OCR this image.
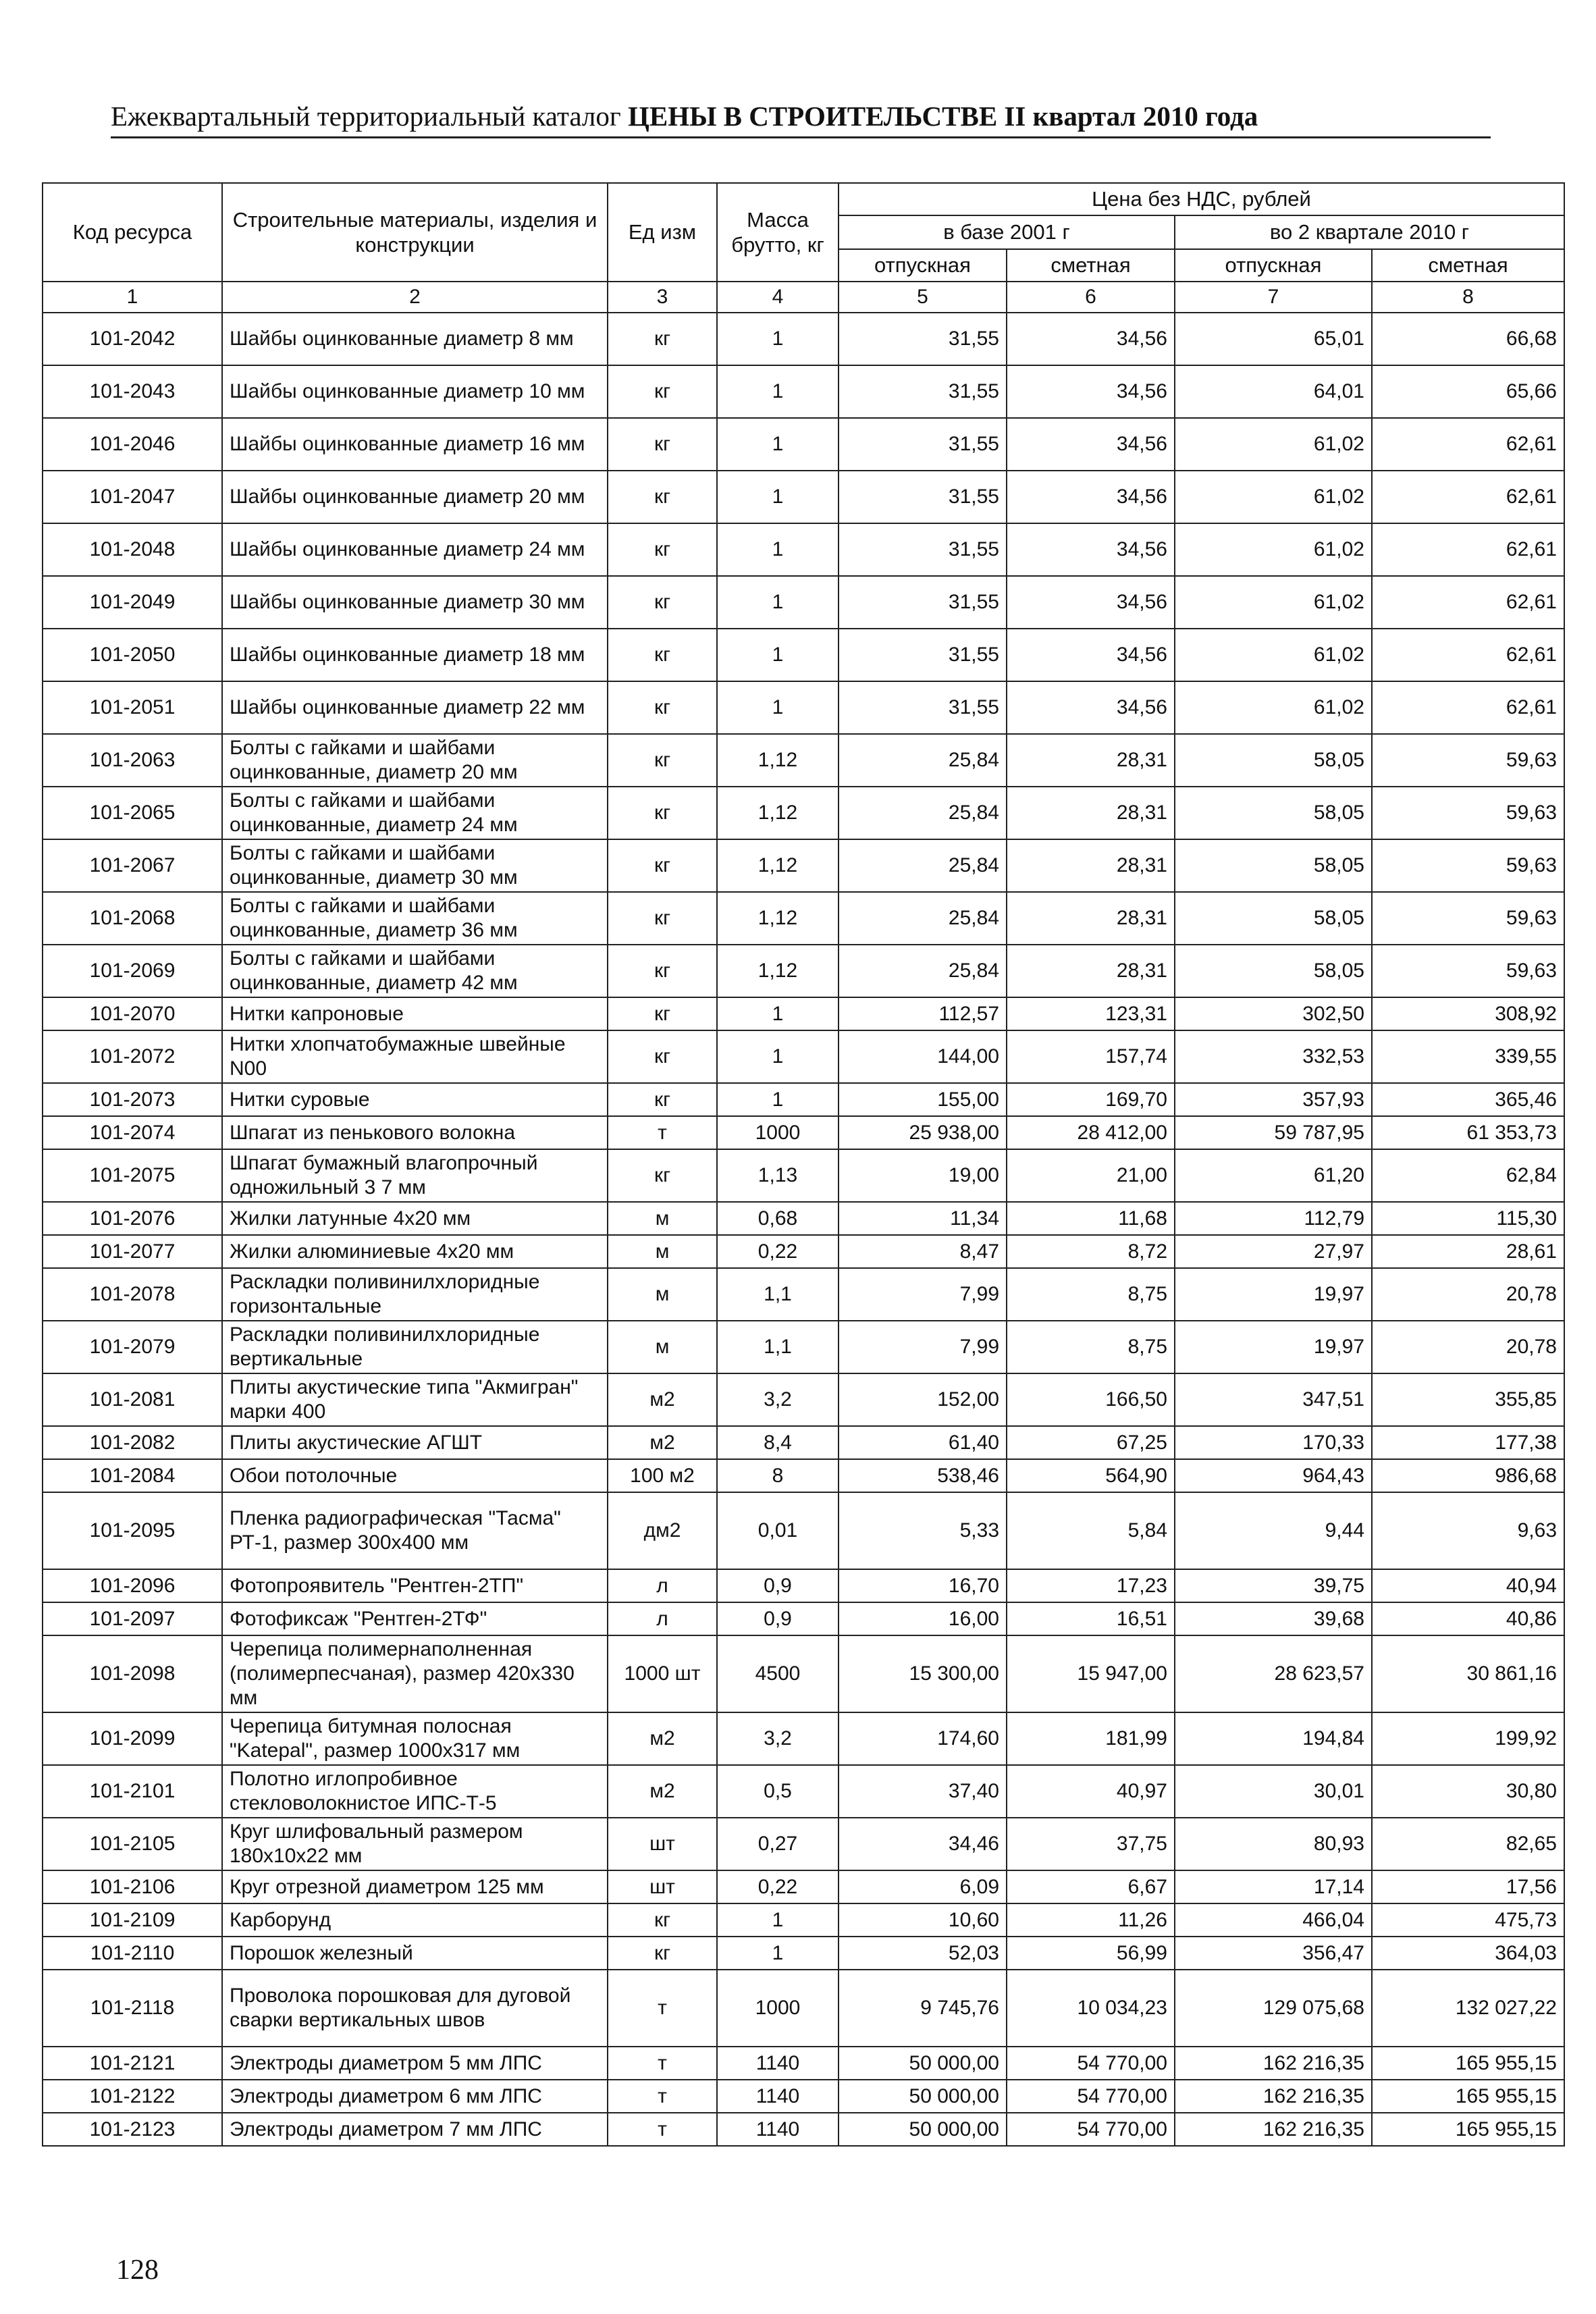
Ежеквартальный территориальный каталог ЦЕНЫ В СТРОИТЕЛЬСТВЕ II квартал 2010 года
Код ресурса	Строительные материалы, изделия и конструкции	Ед изм	Масса брутто, кг	Цена без НДС, рублей			
				в базе 2001 г		во 2 квартале 2010 г	
				отпускная	сметная	отпускная	сметная
1	2	3	4	5	6	7	8
101-2042	Шайбы оцинкованные диаметр 8 мм	кг	1	31,55	34,56	65,01	66,68
101-2043	Шайбы оцинкованные диаметр 10 мм	кг	1	31,55	34,56	64,01	65,66
101-2046	Шайбы оцинкованные диаметр 16 мм	кг	1	31,55	34,56	61,02	62,61
101-2047	Шайбы оцинкованные диаметр 20 мм	кг	1	31,55	34,56	61,02	62,61
101-2048	Шайбы оцинкованные диаметр 24 мм	кг	1	31,55	34,56	61,02	62,61
101-2049	Шайбы оцинкованные диаметр 30 мм	кг	1	31,55	34,56	61,02	62,61
101-2050	Шайбы оцинкованные диаметр 18 мм	кг	1	31,55	34,56	61,02	62,61
101-2051	Шайбы оцинкованные диаметр 22 мм	кг	1	31,55	34,56	61,02	62,61
101-2063	Болты с гайками и шайбами оцинкованные, диаметр 20 мм	кг	1,12	25,84	28,31	58,05	59,63
101-2065	Болты с гайками и шайбами оцинкованные, диаметр 24 мм	кг	1,12	25,84	28,31	58,05	59,63
101-2067	Болты с гайками и шайбами оцинкованные, диаметр 30 мм	кг	1,12	25,84	28,31	58,05	59,63
101-2068	Болты с гайками и шайбами оцинкованные, диаметр 36 мм	кг	1,12	25,84	28,31	58,05	59,63
101-2069	Болты с гайками и шайбами оцинкованные, диаметр 42 мм	кг	1,12	25,84	28,31	58,05	59,63
101-2070	Нитки капроновые	кг	1	112,57	123,31	302,50	308,92
101-2072	Нитки хлопчатобумажные швейные N00	кг	1	144,00	157,74	332,53	339,55
101-2073	Нитки суровые	кг	1	155,00	169,70	357,93	365,46
101-2074	Шпагат из пенькового волокна	т	1000	25 938,00	28 412,00	59 787,95	61 353,73
101-2075	Шпагат бумажный влагопрочный одножильный 3 7 мм	кг	1,13	19,00	21,00	61,20	62,84
101-2076	Жилки латунные 4х20 мм	м	0,68	11,34	11,68	112,79	115,30
101-2077	Жилки алюминиевые 4х20 мм	м	0,22	8,47	8,72	27,97	28,61
101-2078	Раскладки поливинилхлоридные горизонтальные	м	1,1	7,99	8,75	19,97	20,78
101-2079	Раскладки поливинилхлоридные вертикальные	м	1,1	7,99	8,75	19,97	20,78
101-2081	Плиты акустические типа "Акмигран" марки 400	м2	3,2	152,00	166,50	347,51	355,85
101-2082	Плиты акустические АГШТ	м2	8,4	61,40	67,25	170,33	177,38
101-2084	Обои потолочные	100 м2	8	538,46	564,90	964,43	986,68
101-2095	Пленка радиографическая "Тасма" РТ-1, размер 300х400 мм	дм2	0,01	5,33	5,84	9,44	9,63
101-2096	Фотопроявитель "Рентген-2ТП"	л	0,9	16,70	17,23	39,75	40,94
101-2097	Фотофиксаж "Рентген-2ТФ"	л	0,9	16,00	16,51	39,68	40,86
101-2098	Черепица полимернаполненная (полимерпесчаная), размер 420х330 мм	1000 шт	4500	15 300,00	15 947,00	28 623,57	30 861,16
101-2099	Черепица битумная полосная "Katepal", размер 1000х317 мм	м2	3,2	174,60	181,99	194,84	199,92
101-2101	Полотно иглопробивное стекловолокнистое ИПС-Т-5	м2	0,5	37,40	40,97	30,01	30,80
101-2105	Круг шлифовальный размером 180х10х22 мм	шт	0,27	34,46	37,75	80,93	82,65
101-2106	Круг отрезной диаметром 125 мм	шт	0,22	6,09	6,67	17,14	17,56
101-2109	Карборунд	кг	1	10,60	11,26	466,04	475,73
101-2110	Порошок железный	кг	1	52,03	56,99	356,47	364,03
101-2118	Проволока порошковая для дуговой сварки вертикальных швов	т	1000	9 745,76	10 034,23	129 075,68	132 027,22
101-2121	Электроды диаметром 5 мм ЛПС	т	1140	50 000,00	54 770,00	162 216,35	165 955,15
101-2122	Электроды диаметром 6 мм ЛПС	т	1140	50 000,00	54 770,00	162 216,35	165 955,15
101-2123	Электроды диаметром 7 мм ЛПС	т	1140	50 000,00	54 770,00	162 216,35	165 955,15
128
